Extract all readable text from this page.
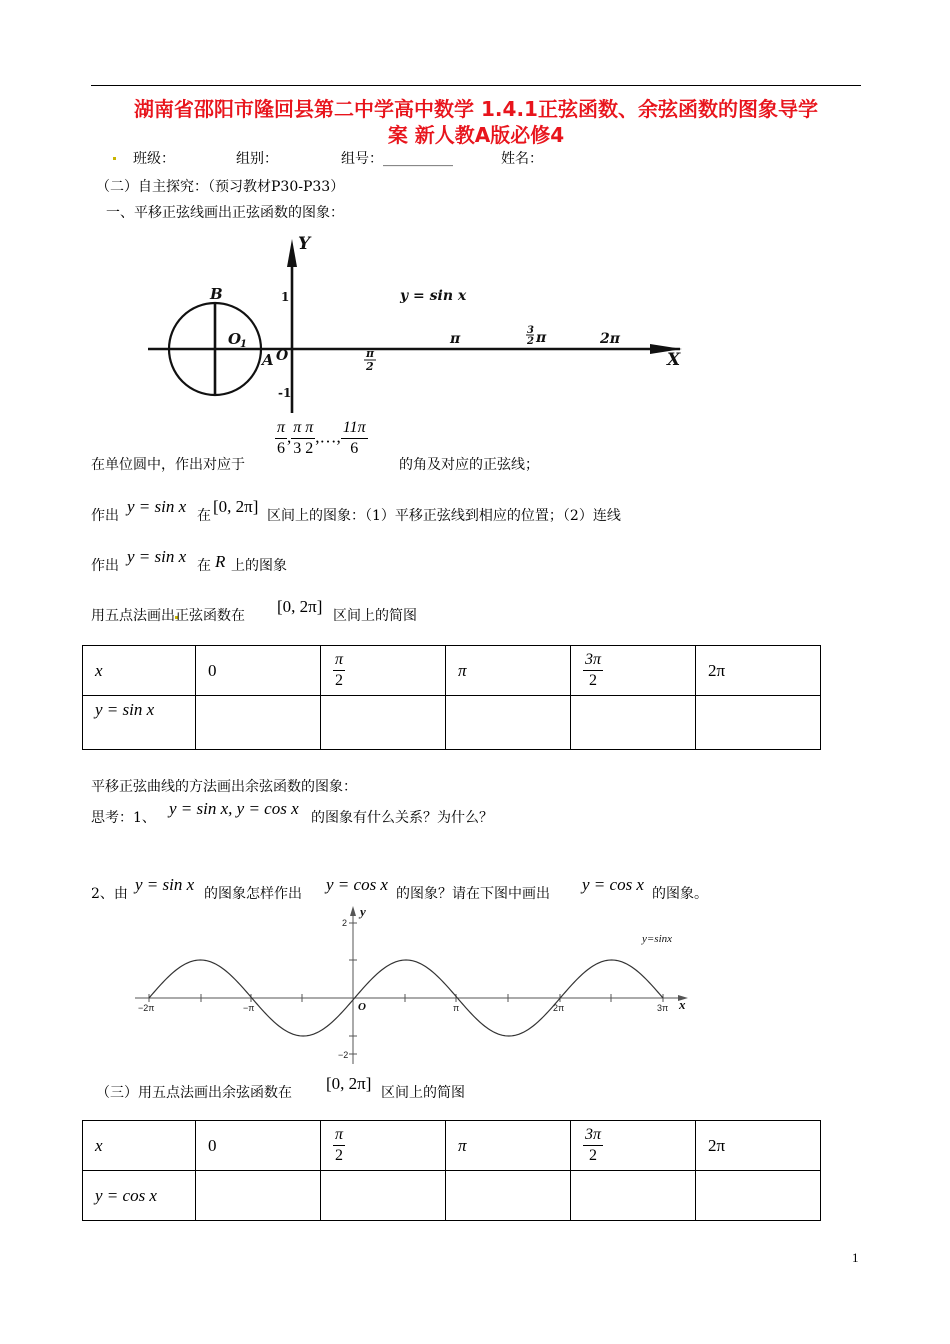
湖南省邵阳市隆回县第二中学高中数学 1.4.1正弦函数、余弦函数的图象导学
案 新人教A版必修4
班级：	组别：	组号：__________	姓名：
（二）自主探究：（预习教材P30-P33）
一、平移正弦线画出正弦函数的图象：
Y
X
B
O
1
A O
1
-1
y = sin x
π
2
π
3
2 π	2π
在单位圆中，作出对应于
$\frac{\pi}{6}$ , $\frac{\pi}{3} \frac{\pi}{2}$ ,…, $\frac{11\pi}{6}$
的角及对应的正弦线；
作出 y = sin x 在 [0, 2π] 区间上的图象：（1）平移正弦线到相应的位置；（2）连线
作出 y = sin x 在 R 上的图象
用五点法画出正弦函数在 [0, 2π] 区间上的简图
x	0	$\frac{\pi}{2}$	π	$\frac{3\pi}{2}$	2π
y = sin x					
平移正弦曲线的方法画出余弦函数的图象：
思考：1、 y = sin x, y = cos x 的图象有什么关系？为什么？
2、由 y = sin x 的图象怎样作出 y = cos x 的图象？请在下图中画出 y = cos x 的图象。
2
−2
−2π	−π	π	2π	3π
y
x
O
y=sinx
（三）用五点法画出余弦函数在 [0, 2π] 区间上的简图
x	0	$\frac{\pi}{2}$	π	$\frac{3\pi}{2}$	2π
y = cos x					
1
